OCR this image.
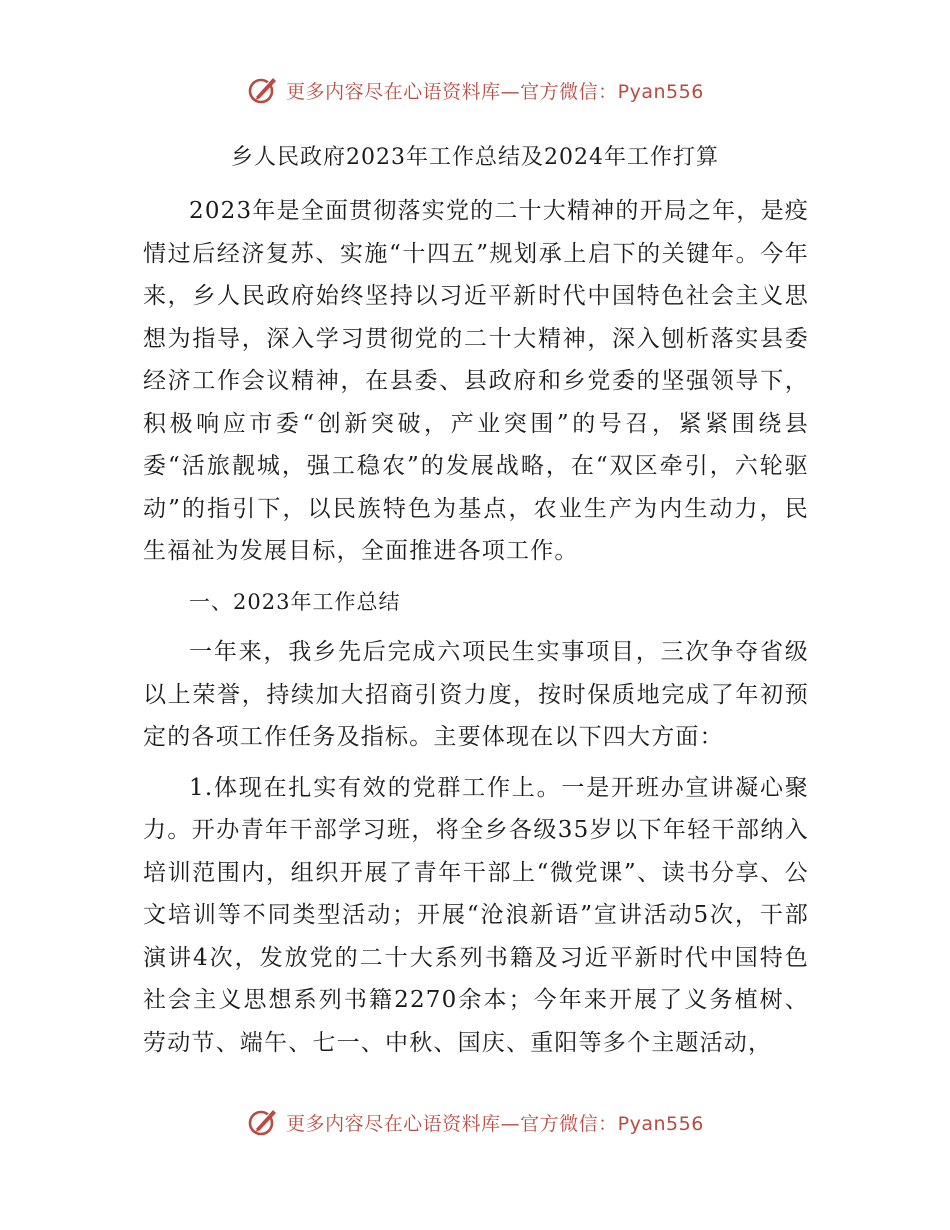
更多内容尽在心语资料库—官方微信：Pyan556
乡人民政府2023年工作总结及2024年工作打算

2023年是全面贯彻落实党的二十大精神的开局之年，是疫情过后经济复苏、实施“十四五”规划承上启下的关键年。今年来，乡人民政府始终坚持以习近平新时代中国特色社会主义思想为指导，深入学习贯彻党的二十大精神，深入刨析落实县委经济工作会议精神，在县委、县政府和乡党委的坚强领导下，积极响应市委“创新突破，产业突围”的号召，紧紧围绕县委“活旅靓城，强工稳农”的发展战略，在“双区牵引，六轮驱动”的指引下，以民族特色为基点，农业生产为内生动力，民生福祉为发展目标，全面推进各项工作。

一、2023年工作总结

一年来，我乡先后完成六项民生实事项目，三次争夺省级以上荣誉，持续加大招商引资力度，按时保质地完成了年初预定的各项工作任务及指标。主要体现在以下四大方面：

1.体现在扎实有效的党群工作上。一是开班办宣讲凝心聚力。开办青年干部学习班，将全乡各级35岁以下年轻干部纳入培训范围内，组织开展了青年干部上“微党课”、读书分享、公文培训等不同类型活动；开展“沧浪新语”宣讲活动5次，干部演讲4次，发放党的二十大系列书籍及习近平新时代中国特色社会主义思想系列书籍2270余本；今年来开展了义务植树、劳动节、端午、七一、中秋、国庆、重阳等多个主题活动，

更多内容尽在心语资料库—官方微信：Pyan556
